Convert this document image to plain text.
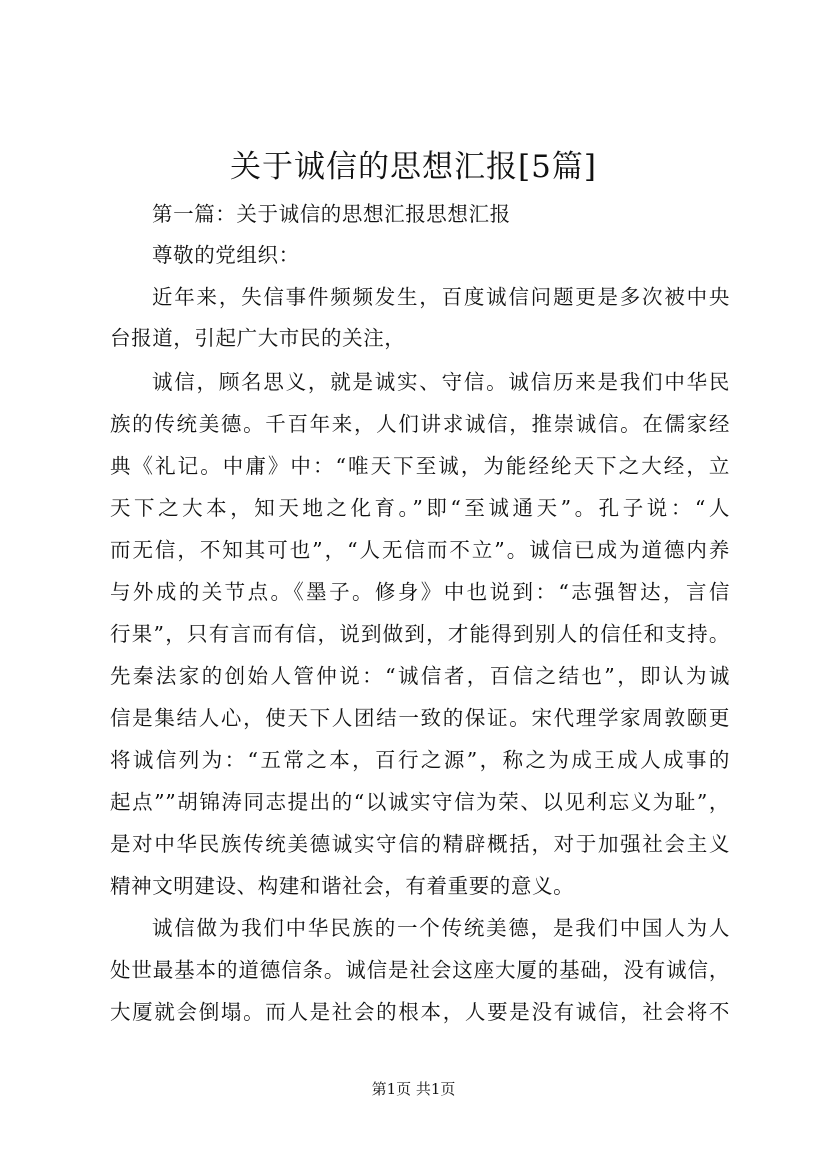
关于诚信的思想汇报[5篇]
第一篇：关于诚信的思想汇报思想汇报
尊敬的党组织：
近年来，失信事件频频发生，百度诚信问题更是多次被中央
台报道，引起广大市民的关注，
诚信，顾名思义，就是诚实、守信。诚信历来是我们中华民
族的传统美德。千百年来，人们讲求诚信，推崇诚信。在儒家经
典《礼记。中庸》中：“唯天下至诚，为能经纶天下之大经，立
天下之大本，知天地之化育。”即“至诚通天”。孔子说：“人
而无信，不知其可也”，“人无信而不立”。诚信已成为道德内养
与外成的关节点。《墨子。修身》中也说到：“志强智达，言信
行果”，只有言而有信，说到做到，才能得到别人的信任和支持。
先秦法家的创始人管仲说：“诚信者，百信之结也”，即认为诚
信是集结人心，使天下人团结一致的保证。宋代理学家周敦颐更
将诚信列为：“五常之本，百行之源”，称之为成王成人成事的
起点””胡锦涛同志提出的“以诚实守信为荣、以见利忘义为耻”，
是对中华民族传统美德诚实守信的精辟概括，对于加强社会主义
精神文明建设、构建和谐社会，有着重要的意义。
诚信做为我们中华民族的一个传统美德，是我们中国人为人
处世最基本的道德信条。诚信是社会这座大厦的基础，没有诚信，
大厦就会倒塌。而人是社会的根本，人要是没有诚信，社会将不
第1页 共1页
